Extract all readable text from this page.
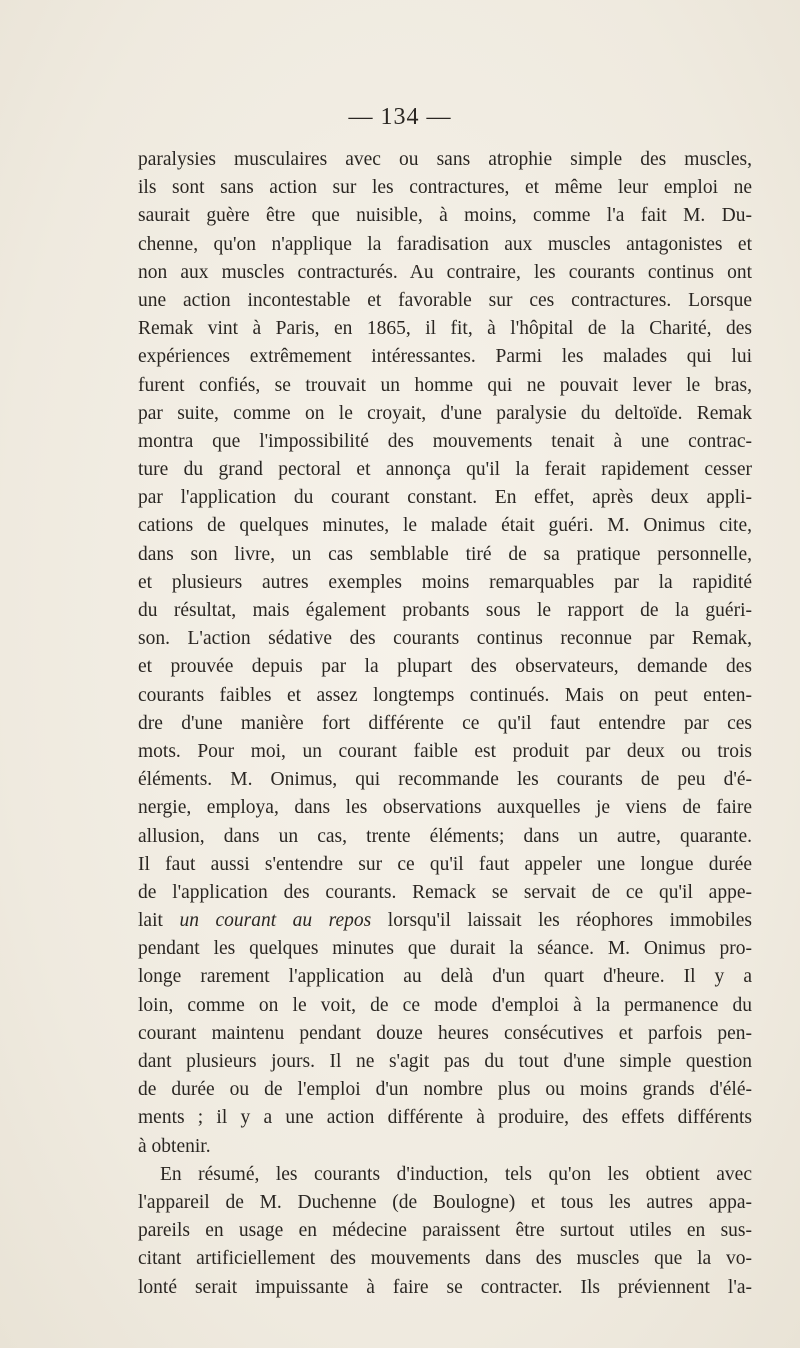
— 134 —
paralysies musculaires avec ou sans atrophie simple des muscles,
ils sont sans action sur les contractures, et même leur emploi ne
saurait guère être que nuisible, à moins, comme l'a fait M. Du-
chenne, qu'on n'applique la faradisation aux muscles antagonistes et
non aux muscles contracturés. Au contraire, les courants continus ont
une action incontestable et favorable sur ces contractures. Lorsque
Remak vint à Paris, en 1865, il fit, à l'hôpital de la Charité, des
expériences extrêmement intéressantes. Parmi les malades qui lui
furent confiés, se trouvait un homme qui ne pouvait lever le bras,
par suite, comme on le croyait, d'une paralysie du deltoïde. Remak
montra que l'impossibilité des mouvements tenait à une contrac-
ture du grand pectoral et annonça qu'il la ferait rapidement cesser
par l'application du courant constant. En effet, après deux appli-
cations de quelques minutes, le malade était guéri. M. Onimus cite,
dans son livre, un cas semblable tiré de sa pratique personnelle,
et plusieurs autres exemples moins remarquables par la rapidité
du résultat, mais également probants sous le rapport de la guéri-
son. L'action sédative des courants continus reconnue par Remak,
et prouvée depuis par la plupart des observateurs, demande des
courants faibles et assez longtemps continués. Mais on peut enten-
dre d'une manière fort différente ce qu'il faut entendre par ces
mots. Pour moi, un courant faible est produit par deux ou trois
éléments. M. Onimus, qui recommande les courants de peu d'é-
nergie, employa, dans les observations auxquelles je viens de faire
allusion, dans un cas, trente éléments; dans un autre, quarante.
Il faut aussi s'entendre sur ce qu'il faut appeler une longue durée
de l'application des courants. Remack se servait de ce qu'il appe-
lait un courant au repos lorsqu'il laissait les réophores immobiles
pendant les quelques minutes que durait la séance. M. Onimus pro-
longe rarement l'application au delà d'un quart d'heure. Il y a
loin, comme on le voit, de ce mode d'emploi à la permanence du
courant maintenu pendant douze heures consécutives et parfois pen-
dant plusieurs jours. Il ne s'agit pas du tout d'une simple question
de durée ou de l'emploi d'un nombre plus ou moins grands d'élé-
ments ; il y a une action différente à produire, des effets différents
à obtenir.
En résumé, les courants d'induction, tels qu'on les obtient avec
l'appareil de M. Duchenne (de Boulogne) et tous les autres appa-
pareils en usage en médecine paraissent être surtout utiles en sus-
citant artificiellement des mouvements dans des muscles que la vo-
lonté serait impuissante à faire se contracter. Ils préviennent l'a-
